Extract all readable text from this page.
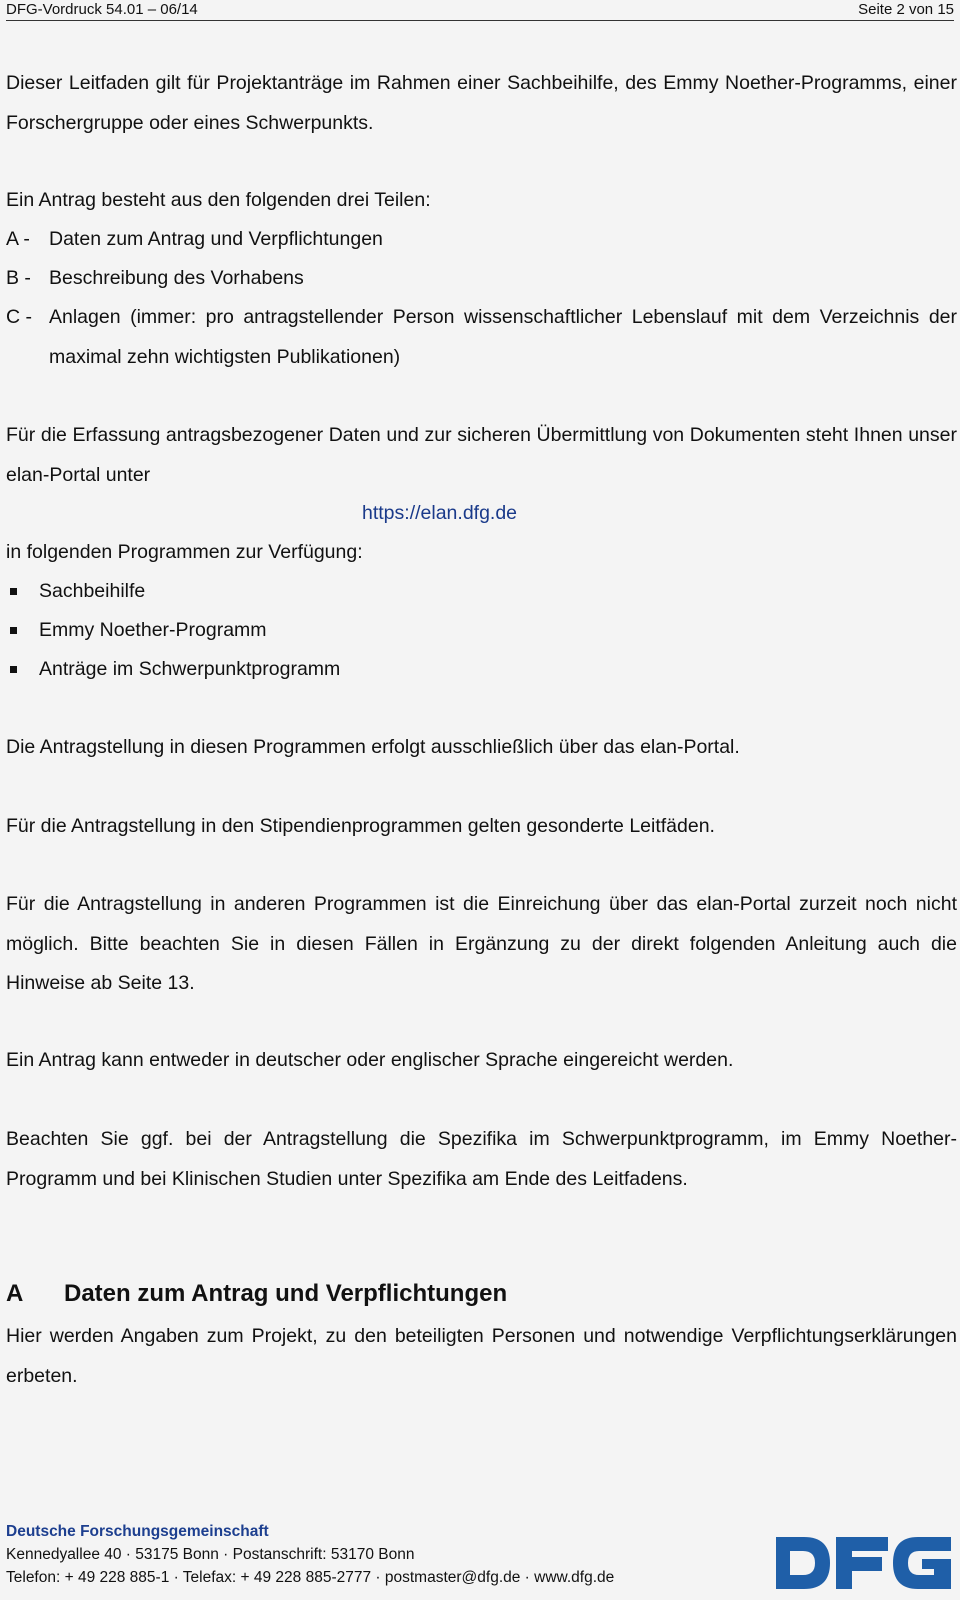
DFG-Vordruck 54.01 – 06/14	Seite 2 von 15

Dieser Leitfaden gilt für Projektanträge im Rahmen einer Sachbeihilfe, des Emmy Noether-Programms, einer Forschergruppe oder eines Schwerpunkts.

Ein Antrag besteht aus den folgenden drei Teilen:

A - Daten zum Antrag und Verpflichtungen
B - Beschreibung des Vorhabens
C - Anlagen (immer: pro antragstellender Person wissenschaftlicher Lebenslauf mit dem Verzeichnis der maximal zehn wichtigsten Publikationen)

Für die Erfassung antragsbezogener Daten und zur sicheren Übermittlung von Dokumenten steht Ihnen unser elan-Portal unter

https://elan.dfg.de

in folgenden Programmen zur Verfügung:

Sachbeihilfe
Emmy Noether-Programm
Anträge im Schwerpunktprogramm

Die Antragstellung in diesen Programmen erfolgt ausschließlich über das elan-Portal.

Für die Antragstellung in den Stipendienprogrammen gelten gesonderte Leitfäden.

Für die Antragstellung in anderen Programmen ist die Einreichung über das elan-Portal zurzeit noch nicht möglich. Bitte beachten Sie in diesen Fällen in Ergänzung zu der direkt folgenden Anleitung auch die Hinweise ab Seite 13.

Ein Antrag kann entweder in deutscher oder englischer Sprache eingereicht werden.

Beachten Sie ggf. bei der Antragstellung die Spezifika im Schwerpunktprogramm, im Emmy Noether-Programm und bei Klinischen Studien unter Spezifika am Ende des Leitfadens.

A Daten zum Antrag und Verpflichtungen

Hier werden Angaben zum Projekt, zu den beteiligten Personen und notwendige Verpflichtungserklärungen erbeten.

Deutsche Forschungsgemeinschaft
Kennedyallee 40 · 53175 Bonn · Postanschrift: 53170 Bonn
Telefon: + 49 228 885-1 · Telefax: + 49 228 885-2777 · postmaster@dfg.de · www.dfg.de
DFG
